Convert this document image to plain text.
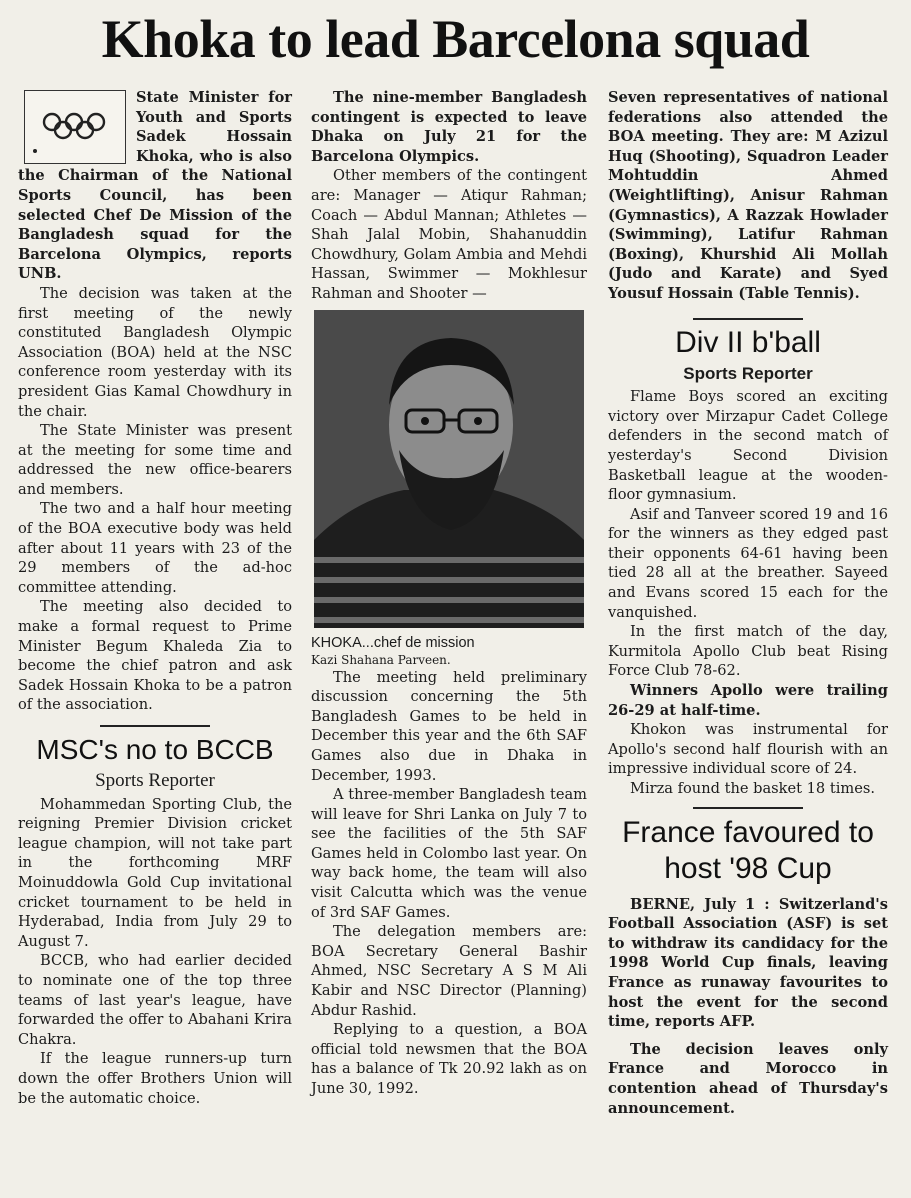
Khoka to lead Barcelona squad

State Minister for Youth and Sports Sadek Hossain Khoka, who is also the Chairman of the National Sports Council, has been selected Chef De Mission of the Bangladesh squad for the Barcelona Olympics, reports UNB.

The decision was taken at the first meeting of the newly constituted Bangladesh Olympic Association (BOA) held at the NSC conference room yesterday with its president Gias Kamal Chowdhury in the chair.

The State Minister was present at the meeting for some time and addressed the new office-bearers and members.

The two and a half hour meeting of the BOA executive body was held after about 11 years with 23 of the 29 members of the ad-hoc committee attending.

The meeting also decided to make a formal request to Prime Minister Begum Khaleda Zia to become the chief patron and ask Sadek Hossain Khoka to be a patron of the association.

MSC's no to BCCB
Sports Reporter

Mohammedan Sporting Club, the reigning Premier Division cricket league champion, will not take part in the forthcoming MRF Moinuddowla Gold Cup invitational cricket tournament to be held in Hyderabad, India from July 29 to August 7.

BCCB, who had earlier decided to nominate one of the top three teams of last year's league, have forwarded the offer to Abahani Krira Chakra.

If the league runners-up turn down the offer Brothers Union will be the automatic choice.

The nine-member Bangladesh contingent is expected to leave Dhaka on July 21 for the Barcelona Olympics.

Other members of the contingent are: Manager — Atiqur Rahman; Coach — Abdul Mannan; Athletes — Shah Jalal Mobin, Shahanuddin Chowdhury, Golam Ambia and Mehdi Hassan, Swimmer — Mokhlesur Rahman and Shooter —

KHOKA...chef de mission

Kazi Shahana Parveen.

The meeting held preliminary discussion concerning the 5th Bangladesh Games to be held in December this year and the 6th SAF Games also due in Dhaka in December, 1993.

A three-member Bangladesh team will leave for Shri Lanka on July 7 to see the facilities of the 5th SAF Games held in Colombo last year. On way back home, the team will also visit Calcutta which was the venue of 3rd SAF Games.

The delegation members are: BOA Secretary General Bashir Ahmed, NSC Secretary A S M Ali Kabir and NSC Director (Planning) Abdur Rashid.

Replying to a question, a BOA official told newsmen that the BOA has a balance of Tk 20.92 lakh as on June 30, 1992.

Seven representatives of national federations also attended the BOA meeting. They are: M Azizul Huq (Shooting), Squadron Leader Mohtuddin Ahmed (Weightlifting), Anisur Rahman (Gymnastics), A Razzak Howlader (Swimming), Latifur Rahman (Boxing), Khurshid Ali Mollah (Judo and Karate) and Syed Yousuf Hossain (Table Tennis).

Div II b'ball
Sports Reporter

Flame Boys scored an exciting victory over Mirzapur Cadet College defenders in the second match of yesterday's Second Division Basketball league at the wooden-floor gymnasium.

Asif and Tanveer scored 19 and 16 for the winners as they edged past their opponents 64-61 having been tied 28 all at the breather. Sayeed and Evans scored 15 each for the vanquished.

In the first match of the day, Kurmitola Apollo Club beat Rising Force Club 78-62.

Winners Apollo were trailing 26-29 at half-time.

Khokon was instrumental for Apollo's second half flourish with an impressive individual score of 24.

Mirza found the basket 18 times.

France favoured to host '98 Cup

BERNE, July 1 : Switzerland's Football Association (ASF) is set to withdraw its candidacy for the 1998 World Cup finals, leaving France as runaway favourites to host the event for the second time, reports AFP.

The decision leaves only France and Morocco in contention ahead of Thursday's announcement.
